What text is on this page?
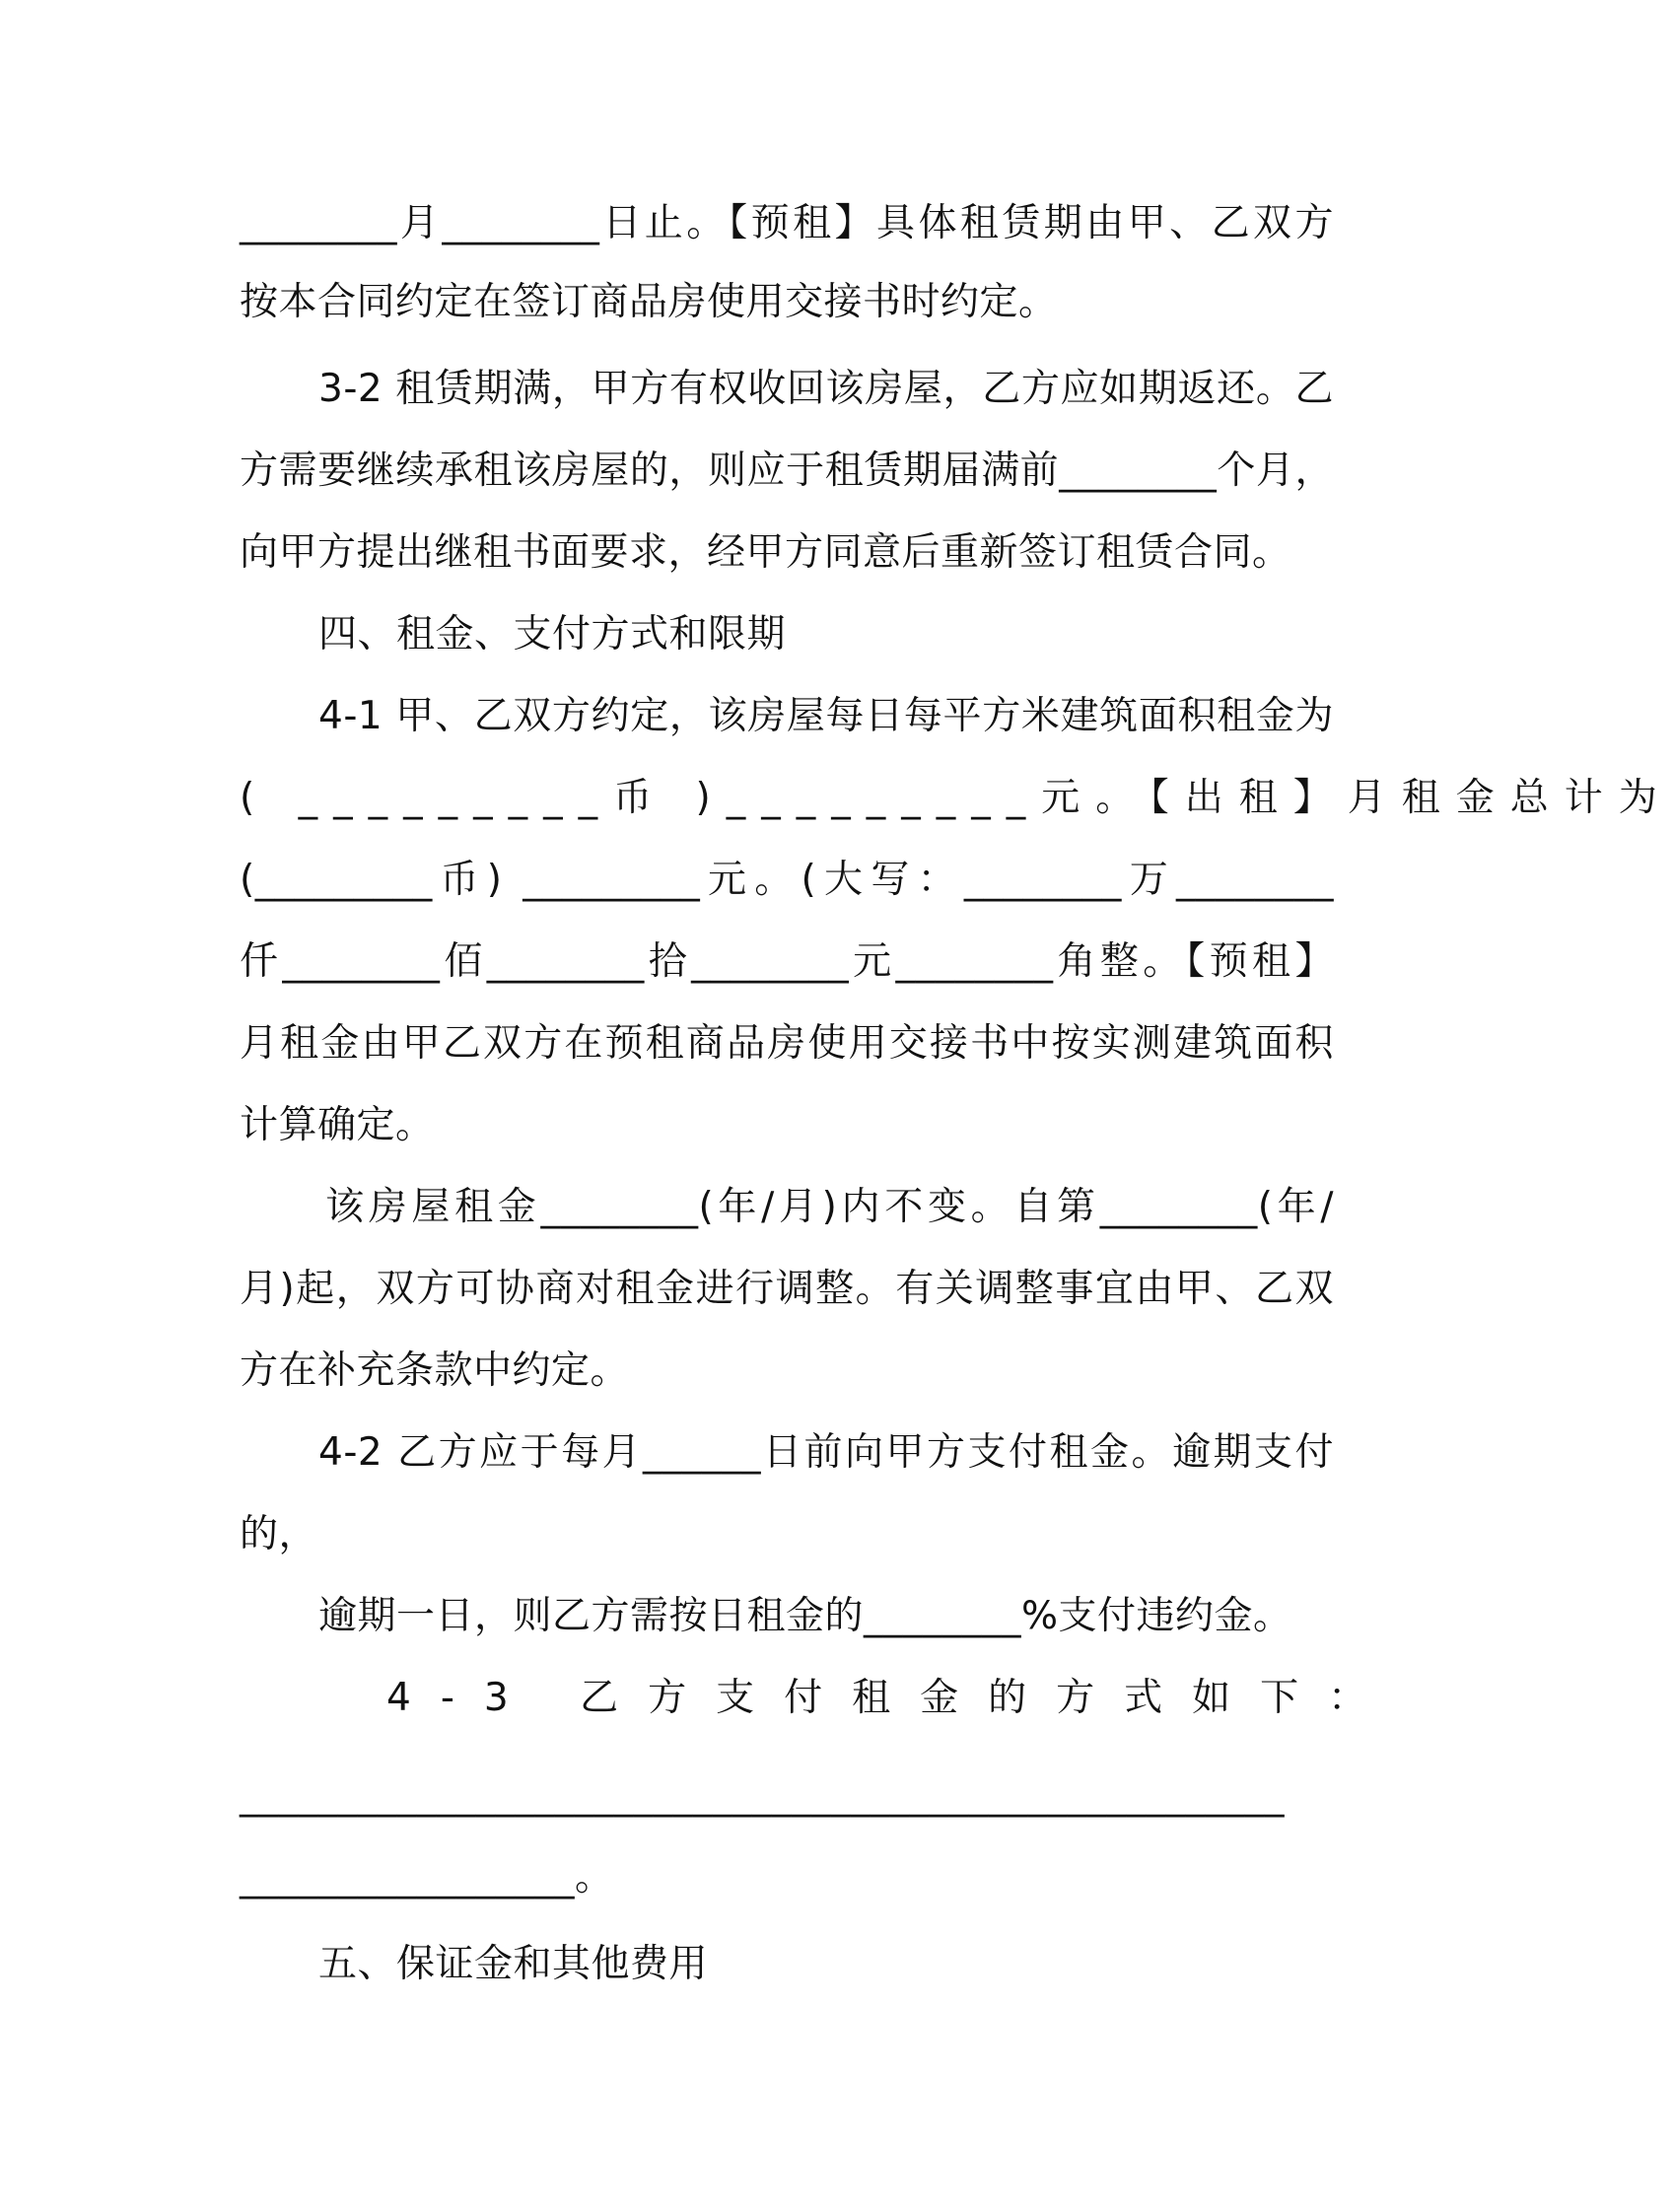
________月________日止。【预租】具体租赁期由甲、乙双方
按本合同约定在签订商品房使用交接书时约定。
3-2 租赁期满，甲方有权收回该房屋，乙方应如期返还。乙
方需要继续承租该房屋的，则应于租赁期届满前________个月，
向甲方提出继租书面要求，经甲方同意后重新签订租赁合同。
四、租金、支付方式和限期
4-1 甲、乙双方约定，该房屋每日每平方米建筑面积租金为
( _________币 )_________元。【出租】月租金总计为
(_________币) _________元。(大写：________万________
仟________佰________拾________元________角整。【预租】
月租金由甲乙双方在预租商品房使用交接书中按实测建筑面积
计算确定。
该房屋租金________(年/月)内不变。自第________(年/
月)起，双方可协商对租金进行调整。有关调整事宜由甲、乙双
方在补充条款中约定。
4-2 乙方应于每月______日前向甲方支付租金。逾期支付
的，
逾期一日，则乙方需按日租金的________%支付违约金。
4-3 乙方支付租金的方式如下：
_____________________________________________________
_________________。
五、保证金和其他费用
